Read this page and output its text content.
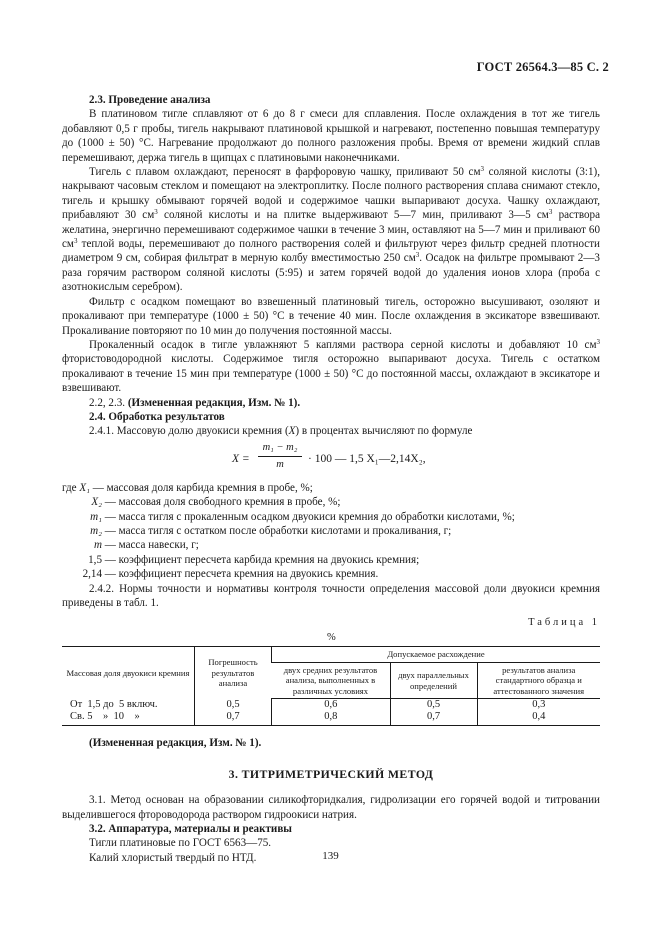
ГОСТ 26564.3—85 С. 2

2.3. Проведение анализа

В платиновом тигле сплавляют от 6 до 8 г смеси для сплавления. После охлаждения в тот же тигель добавляют 0,5 г пробы, тигель накрывают платиновой крышкой и нагревают, постепенно повышая температуру до (1000 ± 50) °С. Нагревание продолжают до полного разложения пробы. Время от времени жидкий сплав перемешивают, держа тигель в щипцах с платиновыми наконечниками.

Тигель с плавом охлаждают, переносят в фарфоровую чашку, приливают 50 $см^3$ соляной кислоты (3:1), накрывают часовым стеклом и помещают на электроплитку. После полного растворения сплава снимают стекло, тигель и крышку обмывают горячей водой и содержимое чашки выпаривают досуха. Чашку охлаждают, прибавляют 30 $см^3$ соляной кислоты и на плитке выдерживают 5—7 мин, приливают 3—5 $см^3$ раствора желатина, энергично перемешивают содержимое чашки в течение 3 мин, оставляют на 5—7 мин и приливают 60 $см^3$ теплой воды, перемешивают до полного растворения солей и фильтруют через фильтр средней плотности диаметром 9 см, собирая фильтрат в мерную колбу вместимостью 250 $см^3$. Осадок на фильтре промывают 2—3 раза горячим раствором соляной кислоты (5:95) и затем горячей водой до удаления ионов хлора (проба с азотнокислым серебром).

Фильтр с осадком помещают во взвешенный платиновый тигель, осторожно высушивают, озоляют и прокаливают при температуре (1000 ± 50) °С в течение 40 мин. После охлаждения в эксикаторе взвешивают. Прокаливание повторяют по 10 мин до получения постоянной массы.

Прокаленный осадок в тигле увлажняют 5 каплями раствора серной кислоты и добавляют 10 $см^3$ фтористоводородной кислоты. Содержимое тигля осторожно выпаривают досуха. Тигель с остатком прокаливают в течение 15 мин при температуре (1000 ± 50) °С до постоянной массы, охлаждают в эксикаторе и взвешивают.

2.2, 2.3. (Измененная редакция, Изм. № 1).

2.4. Обработка результатов

2.4.1. Массовую долю двуокиси кремния (X) в процентах вычисляют по формуле

$X = \frac{\text{m₁ − m₂}}{m} \cdot 100$ — 1,5 X₁—2,14X₂,

где X₁ — массовая доля карбида кремния в пробе, %;

X₂ — массовая доля свободного кремния в пробе, %;

m₁ — масса тигля с прокаленным осадком двуокиси кремния до обработки кислотами, %;

m₂ — масса тигля с остатком после обработки кислотами и прокаливания, г;

m — масса навески, г;

1,5 — коэффициент пересчета карбида кремния на двуокись кремния;

2,14 — коэффициент пересчета кремния на двуокись кремния.

2.4.2. Нормы точности и нормативы контроля точности определения массовой доли двуокиси кремния приведены в табл. 1.

Таблица 1
%
Массовая доля двуокиси кремния	Погрешность результатов анализа	Допускаемое расхождение		
		двух средних результатов анализа, выполненных в различных условиях	двух параллельных определений	результатов анализа стандартного образца и аттестованного значения
От  1,5 до  5 включ.	0,5	0,6	0,5	0,3
Св. 5    »  10    »	0,7	0,8	0,7	0,4

(Измененная редакция, Изм. № 1).

3. ТИТРИМЕТРИЧЕСКИЙ МЕТОД

3.1. Метод основан на образовании силикофторидкалия, гидролизации его горячей водой и титровании выделившегося фтороводорода раствором гидроокиси натрия.

3.2. Аппаратура, материалы и реактивы

Тигли платиновые по ГОСТ 6563—75.

Калий хлористый твердый по НТД.	139
